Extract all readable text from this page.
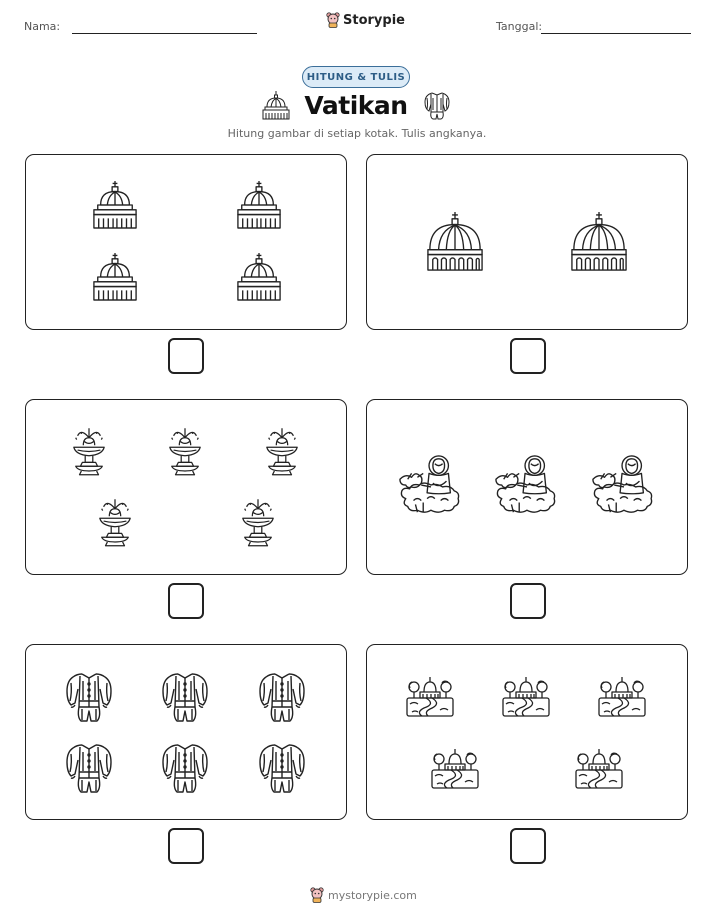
Nama:	Storypie	Tanggal:
HITUNG & TULIS
Vatikan
Hitung gambar di setiap kotak. Tulis angkanya.
mystorypie.com
